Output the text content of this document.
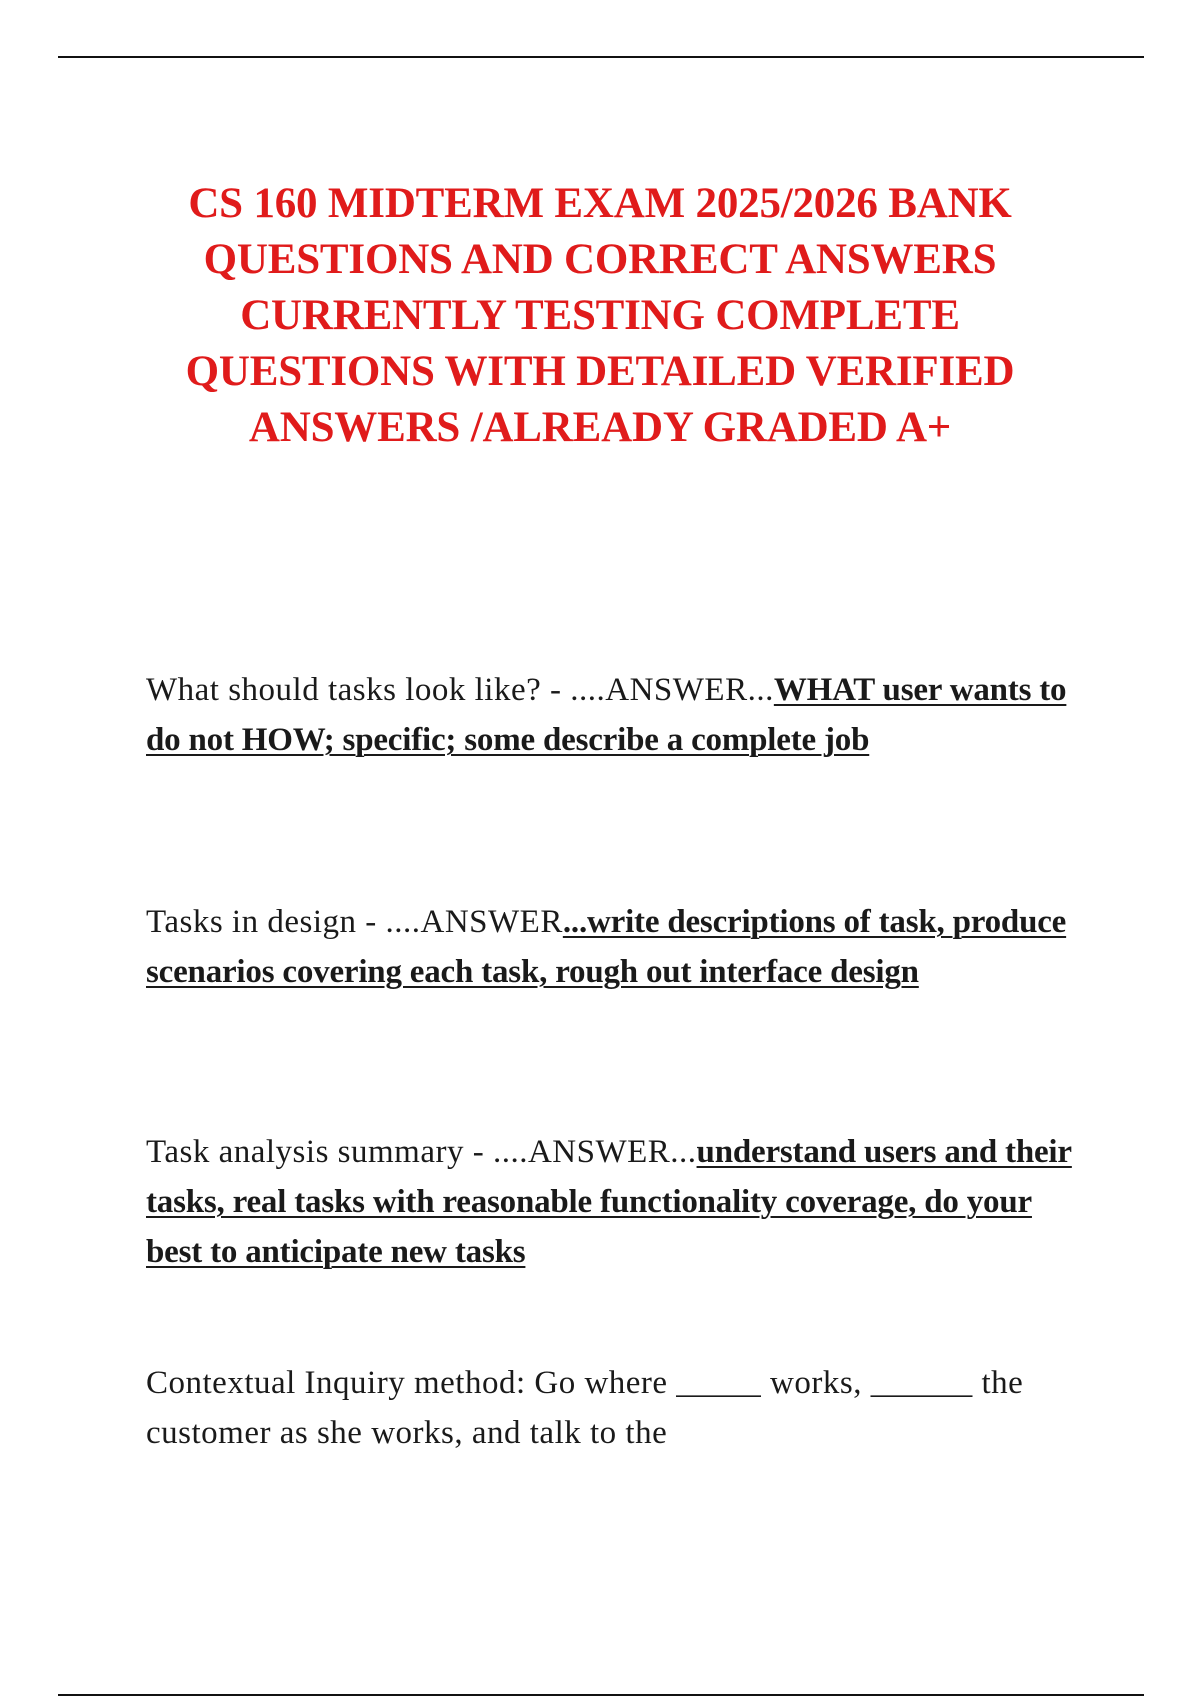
CS 160 MIDTERM EXAM 2025/2026 BANK QUESTIONS AND CORRECT ANSWERS CURRENTLY TESTING COMPLETE QUESTIONS WITH DETAILED VERIFIED ANSWERS /ALREADY GRADED A+

What should tasks look like? - ....ANSWER...WHAT user wants to do not HOW; specific; some describe a complete job

Tasks in design - ....ANSWER...write descriptions of task, produce scenarios covering each task, rough out interface design

Task analysis summary - ....ANSWER...understand users and their tasks, real tasks with reasonable functionality coverage, do your best to anticipate new tasks

Contextual Inquiry method: Go where _____ works, ______ the customer as she works, and talk to the
